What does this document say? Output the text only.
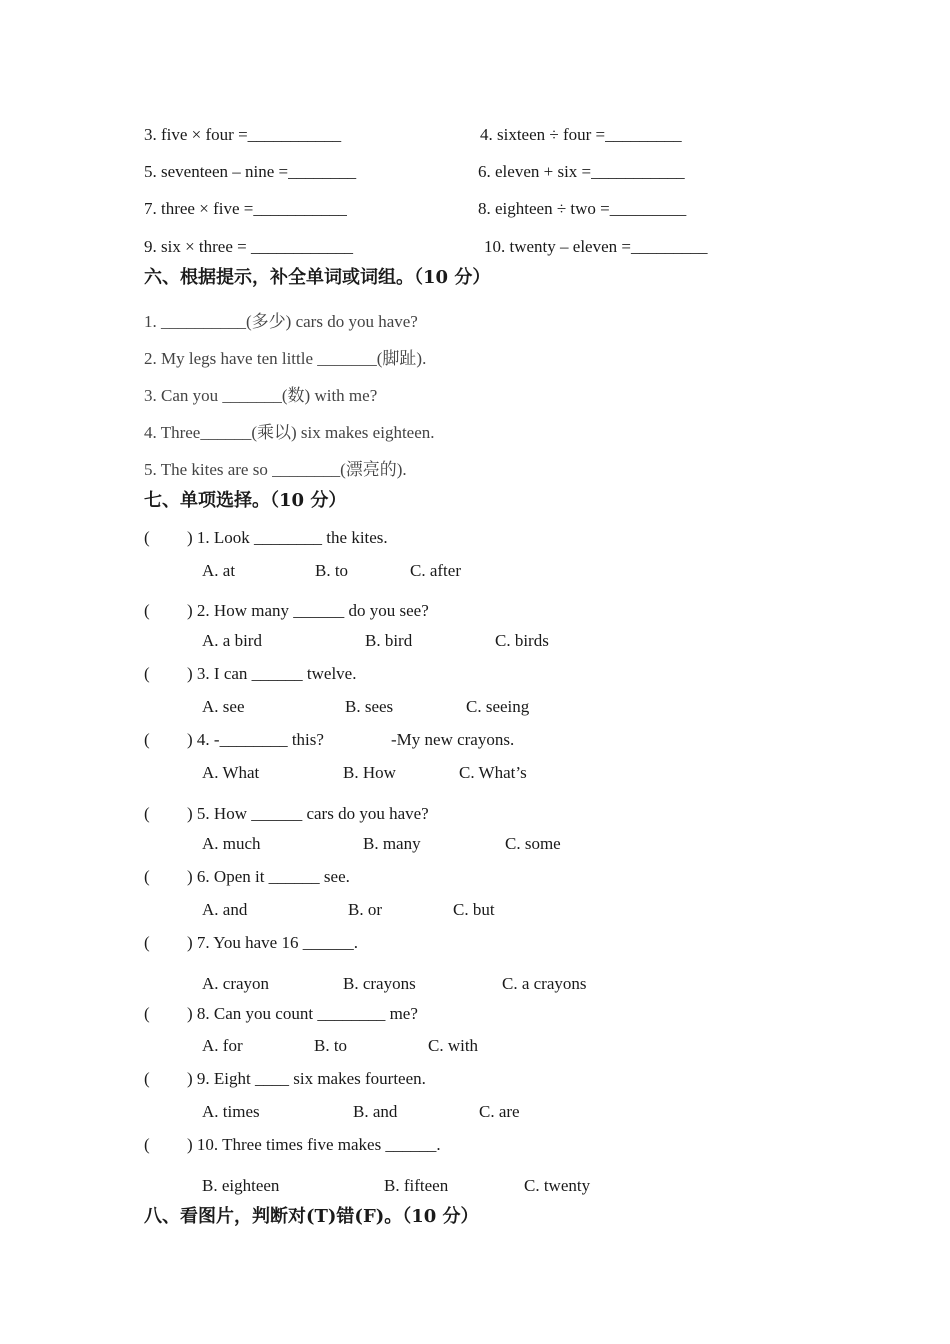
3. five × four =___________	4. sixteen ÷ four =_________
5. seventeen – nine =________	6. eleven + six =___________
7. three × five =___________	8. eighteen ÷ two =_________
9. six × three = ____________	10. twenty – eleven =_________
六、根据提示，补全单词或词组。（10 分）
1. __________(多少) cars do you have?
2. My legs have ten little _______(脚趾).
3. Can you _______(数) with me?
4. Three______(乘以) six makes eighteen.
5. The kites are so ________(漂亮的).
七、单项选择。（10 分）
( ) 1. Look ________ the kites.
A. at	B. to	C. after
( ) 2. How many ______ do you see?
A. a bird	B. bird	C. birds
( ) 3. I can ______ twelve.
A. see	B. sees	C. seeing
( ) 4. -________ this?	-My new crayons.
A. What	B. How	C. What’s
( ) 5. How ______ cars do you have?
A. much	B. many	C. some
( ) 6. Open it ______ see.
A. and	B. or	C. but
( ) 7. You have 16 ______.
A. crayon	B. crayons	C. a crayons
( ) 8. Can you count ________ me?
A. for	B. to	C. with
( ) 9. Eight ____ six makes fourteen.
A. times	B. and	C. are
( ) 10. Three times five makes ______.
B. eighteen	B. fifteen	C. twenty
八、看图片，判断对(T)错(F)。（10 分）
